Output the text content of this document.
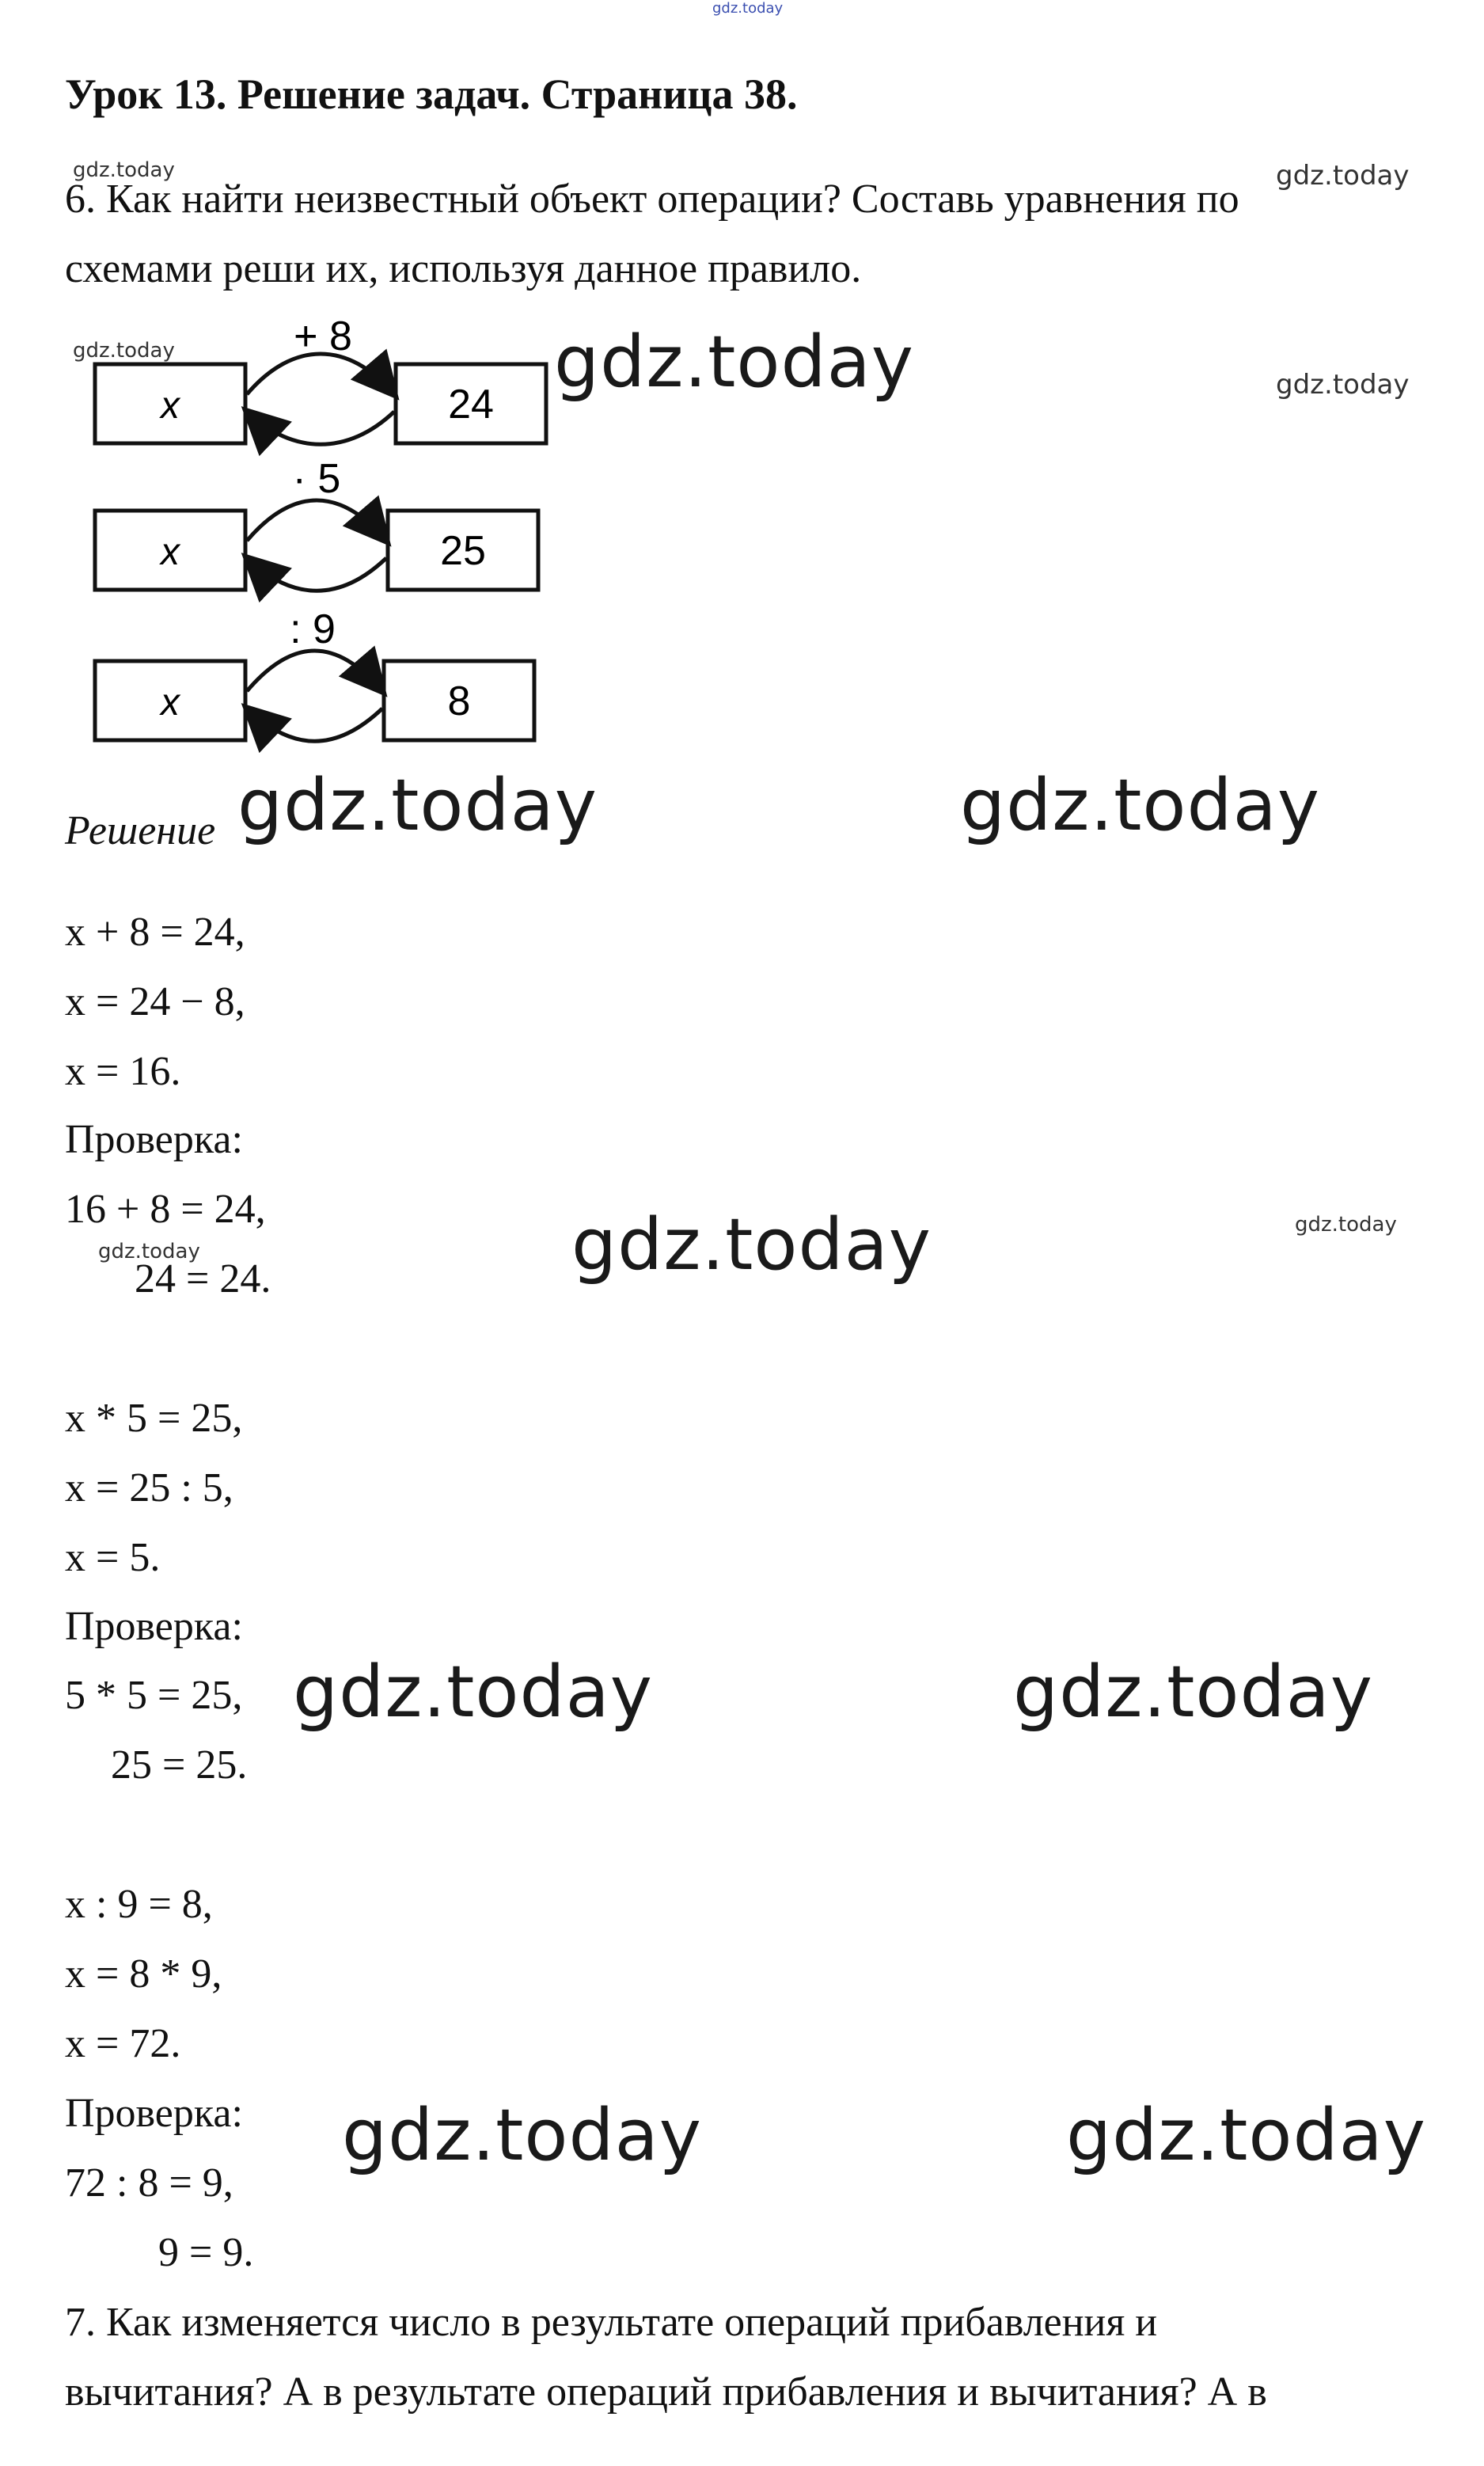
gdz.today
Урок 13. Решение задач. Страница 38.
6. Как найти неизвестный объект операции? Составь уравнения по
схемами реши их, используя данное правило.
x	24
+ 8
x	25
· 5
x	8
: 9
Решение
x + 8 = 24,
x = 24 − 8,
x = 16.
Проверка:
16 + 8 = 24,
24 = 24.
x * 5 = 25,
x = 25 : 5,
x = 5.
Проверка:
5 * 5 = 25,
25 = 25.
x : 9 = 8,
x = 8 * 9,
x = 72.
Проверка:
72 : 8 = 9,
9 = 9.
7. Как изменяется число в результате операций прибавления и
вычитания? А в результате операций прибавления и вычитания? А в
gdz.today	gdz.today
gdz.today	gdz.today	gdz.today
gdz.today	gdz.today
gdz.today	gdz.today	gdz.today
gdz.today	gdz.today
gdz.today	gdz.today
